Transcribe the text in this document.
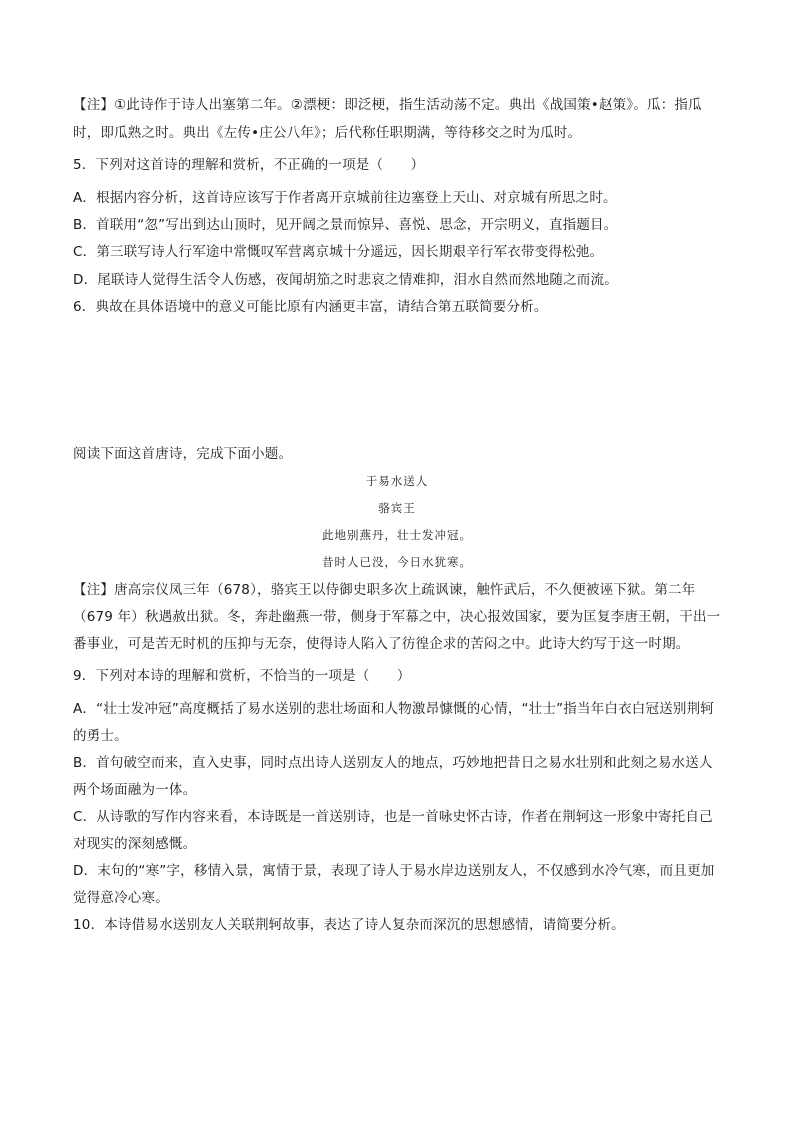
【注】①此诗作于诗人出塞第二年。②漂梗：即泛梗，指生活动荡不定。典出《战国策•赵策》。瓜：指瓜
时，即瓜熟之时。典出《左传•庄公八年》；后代称任职期满，等待移交之时为瓜时。
5．下列对这首诗的理解和赏析，不正确的一项是（　　）
A．根据内容分析，这首诗应该写于作者离开京城前往边塞登上天山、对京城有所思之时。
B．首联用“忽”写出到达山顶时，见开阔之景而惊异、喜悦、思念，开宗明义，直指题目。
C．第三联写诗人行军途中常慨叹军营离京城十分遥远，因长期艰辛行军衣带变得松弛。
D．尾联诗人觉得生活令人伤感，夜闻胡笳之时悲哀之情难抑，泪水自然而然地随之而流。
6．典故在具体语境中的意义可能比原有内涵更丰富，请结合第五联简要分析。
阅读下面这首唐诗，完成下面小题。
于易水送人
骆宾王
此地别燕丹，壮士发冲冠。
昔时人已没，今日水犹寒。
【注】唐高宗仪凤三年（678），骆宾王以侍御史职多次上疏讽谏，触忤武后，不久便被诬下狱。第二年
（679 年）秋遇赦出狱。冬，奔赴幽燕一带，侧身于军幕之中，决心报效国家，要为匡复李唐王朝，干出一
番事业，可是苦无时机的压抑与无奈，使得诗人陷入了彷徨企求的苦闷之中。此诗大约写于这一时期。
9．下列对本诗的理解和赏析，不恰当的一项是（　　）
A．“壮士发冲冠”高度概括了易水送别的悲壮场面和人物激昂慷慨的心情，“壮士”指当年白衣白冠送别荆轲
的勇士。
B．首句破空而来，直入史事，同时点出诗人送别友人的地点，巧妙地把昔日之易水壮别和此刻之易水送人
两个场面融为一体。
C．从诗歌的写作内容来看，本诗既是一首送别诗，也是一首咏史怀古诗，作者在荆轲这一形象中寄托自己
对现实的深刻感慨。
D．末句的“寒”字，移情入景，寓情于景，表现了诗人于易水岸边送别友人，不仅感到水冷气寒，而且更加
觉得意冷心寒。
10．本诗借易水送别友人关联荆轲故事，表达了诗人复杂而深沉的思想感情，请简要分析。
